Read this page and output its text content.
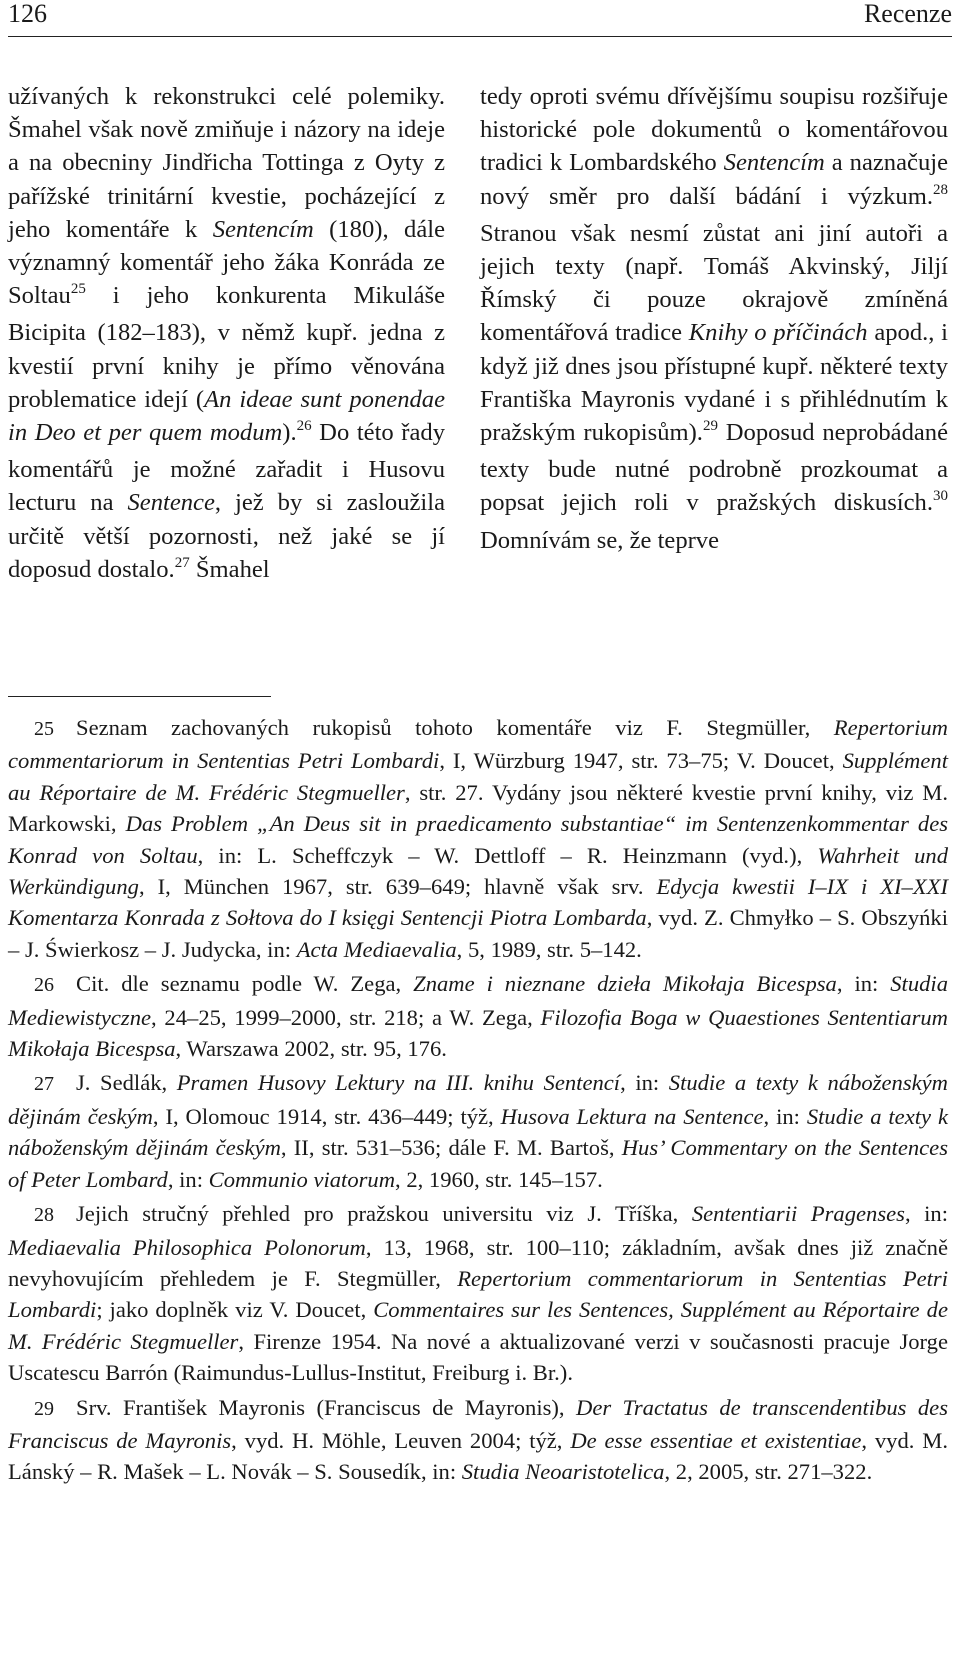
126	Recenze

užívaných k rekonstrukci celé polemiky. Šmahel však nově zmiňuje i názory na ideje a na obecniny Jindřicha Tottinga z Oyty z pařížské trinitární kvestie, pocházející z jeho komentáře k Sentencím (180), dále významný komentář jeho žáka Konráda ze Soltau$^{25}$ i jeho konkurenta Mikuláše Bicipita (182–183), v němž kupř. jedna z kvestií první knihy je přímo věnována problematice idejí (An ideae sunt ponendae in Deo et per quem modum).$^{26}$ Do této řady komentářů je možné zařadit i Husovu lecturu na Sentence, jež by si zasloužila určitě větší pozornosti, než jaké se jí doposud dostalo.$^{27}$ Šmahel

tedy oproti svému dřívějšímu soupisu rozšiřuje historické pole dokumentů o komentářovou tradici k Lombardského Sentencím a naznačuje nový směr pro další bádání i výzkum.$^{28}$ Stranou však nesmí zůstat ani jiní autoři a jejich texty (např. Tomáš Akvinský, Jiljí Římský či pouze okrajově zmíněná komentářová tradice Knihy o příčinách apod., i když již dnes jsou přístupné kupř. některé texty Františka Mayronis vydané i s přihlédnutím k pražským rukopisům).$^{29}$ Doposud neprobádané texty bude nutné podrobně prozkoumat a popsat jejich roli v pražských diskusích.$^{30}$ Domnívám se, že teprve

25 Seznam zachovaných rukopisů tohoto komentáře viz F. Stegmüller, Repertorium commentariorum in Sententias Petri Lombardi, I, Würzburg 1947, str. 73–75; V. Doucet, Supplément au Réportaire de M. Frédéric Stegmueller, str. 27. Vydány jsou některé kvestie první knihy, viz M. Markowski, Das Problem „An Deus sit in praedicamento substantiae“ im Sentenzenkommentar des Konrad von Soltau, in: L. Scheffczyk – W. Dettloff – R. Heinzmann (vyd.), Wahrheit und Werkündigung, I, München 1967, str. 639–649; hlavně však srv. Edycja kwestii I–IX i XI–XXI Komentarza Konrada z Sołtova do I księgi Sentencji Piotra Lombarda, vyd. Z. Chmyłko – S. Obszyńki – J. Świerkosz – J. Judycka, in: Acta Mediaevalia, 5, 1989, str. 5–142.

26 Cit. dle seznamu podle W. Zega, Zname i nieznane dzieła Mikołaja Bicespsa, in: Studia Mediewistyczne, 24–25, 1999–2000, str. 218; a W. Zega, Filozofia Boga w Quaestiones Sententiarum Mikołaja Bicespsa, Warszawa 2002, str. 95, 176.

27 J. Sedlák, Pramen Husovy Lektury na III. knihu Sentencí, in: Studie a texty k náboženským dějinám českým, I, Olomouc 1914, str. 436–449; týž, Husova Lektura na Sentence, in: Studie a texty k náboženským dějinám českým, II, str. 531–536; dále F. M. Bartoš, Hus’ Commentary on the Sentences of Peter Lombard, in: Communio viatorum, 2, 1960, str. 145–157.

28 Jejich stručný přehled pro pražskou universitu viz J. Tříška, Sententiarii Pragenses, in: Mediaevalia Philosophica Polonorum, 13, 1968, str. 100–110; základním, avšak dnes již značně nevyhovujícím přehledem je F. Stegmüller, Repertorium commentariorum in Sententias Petri Lombardi; jako doplněk viz V. Doucet, Commentaires sur les Sentences, Supplément au Réportaire de M. Frédéric Stegmueller, Firenze 1954. Na nové a aktualizované verzi v současnosti pracuje Jorge Uscatescu Barrón (Raimundus-Lullus-Institut, Freiburg i. Br.).

29 Srv. František Mayronis (Franciscus de Mayronis), Der Tractatus de transcendentibus des Franciscus de Mayronis, vyd. H. Möhle, Leuven 2004; týž, De esse essentiae et existentiae, vyd. M. Lánský – R. Mašek – L. Novák – S. Sousedík, in: Studia Neoaristotelica, 2, 2005, str. 271–322.
